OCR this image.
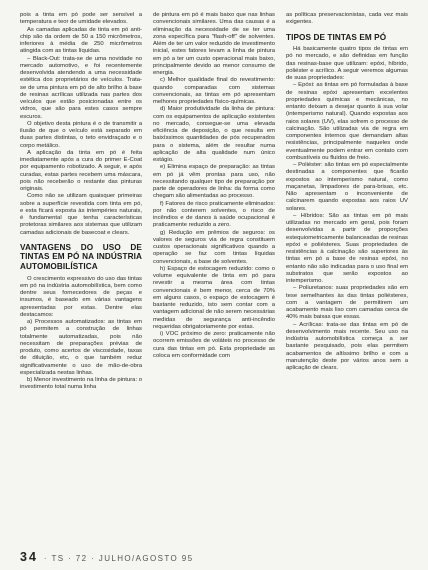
pois a tinta em pó pode ser sensível a temperatura e teor de umidade elevados.

As camadas aplicadas de tinta em pó anti-chip são da ordem de 50 a 150 micrômetros, inferiores à média de 250 micrômetros atingida com as tintas líquidas.

– Black-Out: trata-se de uma novidade no mercado automotivo, e foi recentemente desenvolvida atendendo a uma necessidade estética dos proprietários de veículos. Trata-se de uma pintura em pó de alto brilho à base de resinas acrílicas utilizada nas partes dos veículos que estão posicionadas entre os vidros, que são para estes casos sempre escuros.

O objetivo desta pintura é o de transmitir a ilusão de que o veículo está separado em duas partes distintas, o teto envidraçado e o corpo metálico.

A aplicação da tinta em pó é feita imediatamente após a cura do primer E-Coat por equipamento robotizado. A seguir, e após curadas, estas partes recebem uma máscara, pois não receberão o restante das pinturas originais.

Como não se utilizam quaisquer primeiras sobre a superfície revestida com tinta em pó, e esta ficará exposta às intempéries naturais, é fundamental que tenha características protetoras similares aos sistemas que utilizam camadas adicionais de basecoat e clears.

VANTAGENS DO USO DE TINTAS EM PÓ NA INDÚSTRIA AUTOMOBILÍSTICA

O crescimento expressivo do uso das tintas em pó na indústria automobilística, bem como dentre seus fornecedores de peças e insumos, é baseado em várias vantagens apresentadas por estas. Dentre elas destacamos:

a) Processos automatizados: as tintas em pó permitem a construção de linhas totalmente automatizadas, pois não necessitam de preparações prévias de produto, como acertos de viscosidade, taxas de diluição, etc, o que também reduz significativamente o uso de mão-de-obra especializada nestas linhas.

b) Menor investimento na linha de pintura: o investimento total numa linha

de pintura em pó é mais baixo que nas linhas convencionais similares. Uma das causas é a eliminação da necessidade de se ter uma zona específica para "flash-off" de solventes. Além de ter um valor reduzido de investimento inicial, estes fatores levam a linha de pintura em pó a ter um custo operacional mais baixo, principalmente devido ao menor consumo de energia.

c) Melhor qualidade final do revestimento: quando comparadas com sistemas convencionais, as tintas em pó apresentam melhores propriedades físico-químicas.

d) Maior produtividade da linha de pintura: com os equipamentos de aplicação existentes no mercado, consegue-se uma elevada eficiência de deposição, o que resulta em baixíssimos quantidades de pós recuperados para o sistema, além de resultar numa aplicação de alta qualidade num único estágio.

e) Elimina espaço de preparação: as tintas em pó já vêm prontas para uso, não necessitando qualquer tipo de preparação por parte de operadores de linha: da forma como chegam são alimentadas ao processo.

f) Fatores de risco praticamente eliminados: por não conterem solventes, o risco de incêndios e de danos à saúde ocupacional é praticamente reduzido a zero.

g) Redução em prêmios de seguros: os valores de seguros via de regra constituem custos operacionais significativos quando a operação se faz com tintas líquidas convencionais, a base de solventes.

h) Espaço de estocagem reduzido: como o volume equivalente de tinta em pó para revestir a mesma área com tintas convencionais é bem menor, cerca de 70% em alguns casos, o espaço de estocagem é bastante reduzido, isto sem contar com a vantagem adicional de não serem necessárias medidas de segurança anti-incêndio requeridas obrigatoriamente por estas.

i) VOC próximo de zero: praticamente não ocorrem emissões de voláteis no processo de cura das tintas em pó. Esta propriedade as coloca em conformidade com

as políticas preservacionistas, cada vez mais exigentes.

TIPOS DE TINTAS EM PÓ

Há basicamente quatro tipos de tintas em pó no mercado, e são definidas em função das resinas-base que utilizam: epóxi, híbrido, poliéster e acrílico. A seguir veremos algumas de suas propriedades:

– Epóxi: as tintas em pó formuladas à base de resinas epóxi apresentam excelentes propriedades químicas e mecânicas, no entanto deixam a desejar quanto à sua volar (intemperismo natural). Quando expostas aos raios solares (UV), elas sofrem o processo de calcinação. São utilizadas via de regra em componentes internos que demandam altas resistências, principalmente naqueles onde eventualmente podem entrar em contato com combustíveis ou fluidos de freio.

– Poliéster: são tintas em pó especialmente destinadas a componentes que ficarão expostos ao intemperismo natural, como maçanetas, limpadores de para-brisas, etc. Não apresentam o inconveniente de calcinarem quando expostas aos raios UV solares.

– Híbridos: São as tintas em pó mais utilizadas no mercado em geral, pois foram desenvolvidas a partir de proporções estequiometricamente balanceadas de resinas epóxi e poliésteres. Suas propriedades de resistências à calcinação são superiores às tintas em pó a base de resinas epóxi, no entanto não são indicadas para o uso final em substratos que serão expostos ao intemperismo.

– Poliuretanos: suas propriedades são em tese semelhantes às das tintas poliésteres, com a vantagem de permitirem um acabamento mais liso com camadas cerca de 40% mais baixas que essas.

– Acrílicas: trata-se das tintas em pó de desenvolvimento mais recente. Seu uso na indústria automobilística começa a ser bastante pesquisado, pois elas permitem acabamentos de altíssimo brilho e com a manutenção deste por vários anos sem a aplicação de clears.

34 · TS · 72 · JULHO/AGOSTO 95
